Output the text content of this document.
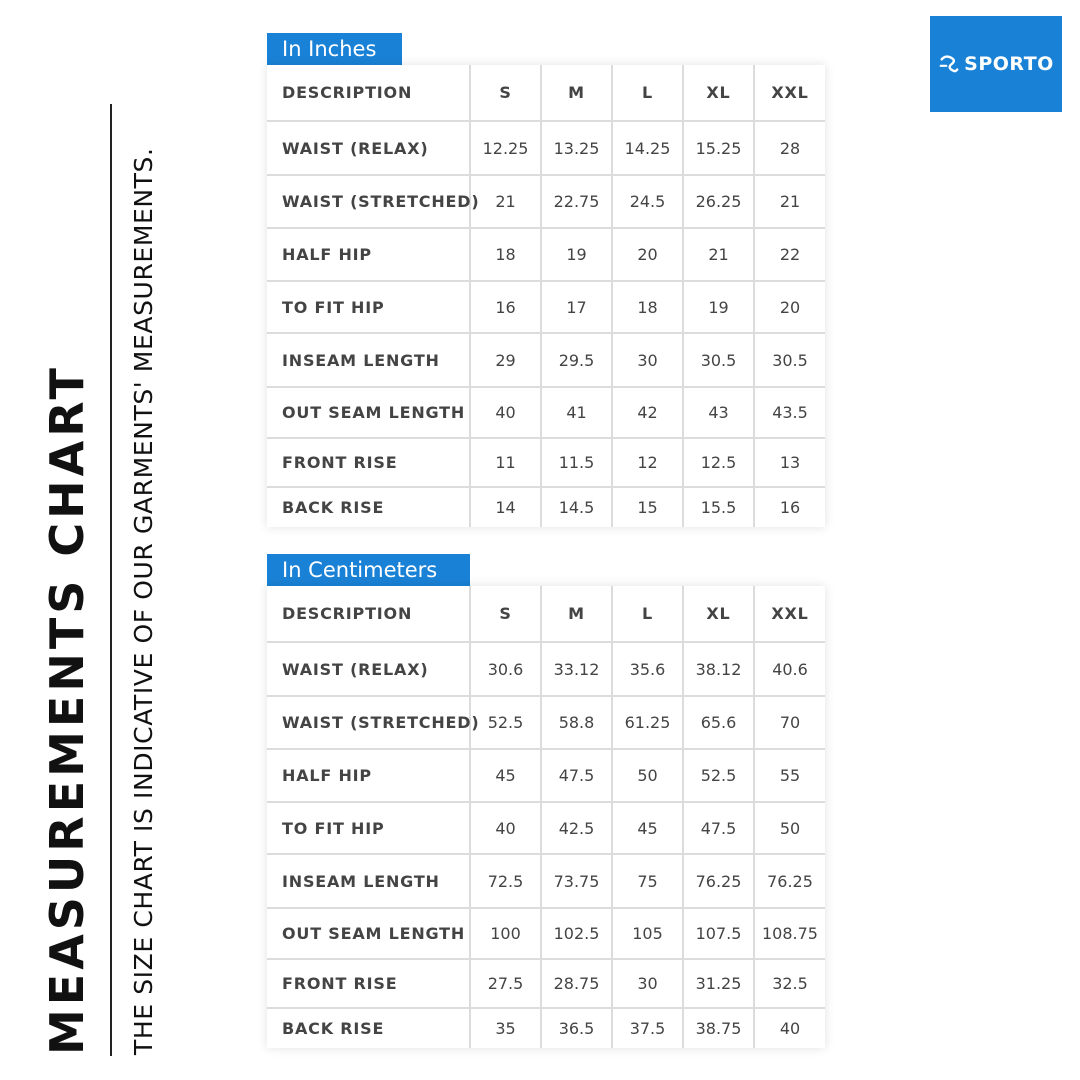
MEASUREMENTS CHART THE SIZE CHART IS INDICATIVE OF OUR GARMENTS' MEASUREMENTS.
SPORTO
In Inches
DESCRIPTION	S	M	L	XL	XXL
WAIST (RELAX)	12.25	13.25	14.25	15.25	28
WAIST (STRETCHED)	21	22.75	24.5	26.25	21
HALF HIP	18	19	20	21	22
TO FIT HIP	16	17	18	19	20
INSEAM LENGTH	29	29.5	30	30.5	30.5
OUT SEAM LENGTH	40	41	42	43	43.5
FRONT RISE	11	11.5	12	12.5	13
BACK RISE	14	14.5	15	15.5	16
In Centimeters
DESCRIPTION	S	M	L	XL	XXL
WAIST (RELAX)	30.6	33.12	35.6	38.12	40.6
WAIST (STRETCHED)	52.5	58.8	61.25	65.6	70
HALF HIP	45	47.5	50	52.5	55
TO FIT HIP	40	42.5	45	47.5	50
INSEAM LENGTH	72.5	73.75	75	76.25	76.25
OUT SEAM LENGTH	100	102.5	105	107.5	108.75
FRONT RISE	27.5	28.75	30	31.25	32.5
BACK RISE	35	36.5	37.5	38.75	40
